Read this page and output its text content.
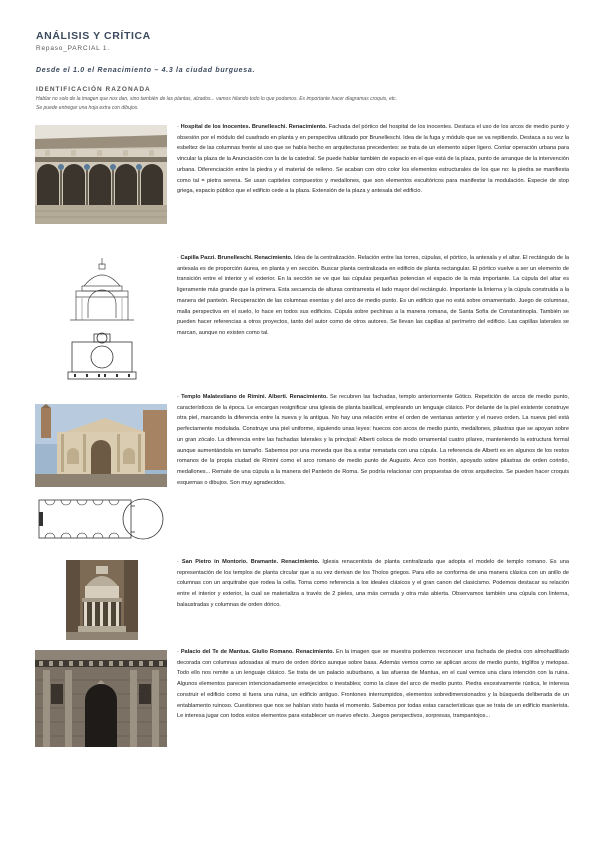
ANÁLISIS Y CRÍTICA
Repaso_PARCIAL 1.
Desde el 1.0 el Renacimiento – 4.3 la ciudad burguesa.
IDENTIFICACIÓN RAZONADA
Hablar no solo de la imagen que nos dan, sino también de las plantas, alzados... vamos hilando todo lo que podamos. Es importante hacer diagramas croquis, etc.
Se puede entregar una hoja extra con dibujos.

· Hospital de los Inocentes. Brunelleschi. Renacimiento. Fachada del pórtico del hospital de los inocentes. Destaca el uso de los arcos de medio punto y obsesión por el módulo del cuadrado en planta y en perspectiva utilizado por Brunelleschi. Idea de la fuga y módulo que se va repitiendo. Destaca a su vez la esbeltez de las columnas frente al uso que se había hecho en arquitecturas precedentes: se trata de un elemento súper ligero. Contar operación urbana para vincular la plaza de la Anunciación con la de la catedral. Se puede hablar también de espacio en el que está de la plaza, punto de arranque de la intervención urbana. Diferenciación entre la piedra y el material de relleno. Se acaban con otro color los elementos estructurales de los que no: la piedra se manifiesta como tal = pietra serena. Se usan capiteles compuestos y medallones, que son elementos escultóricos para manifestar la modulación. Especie de stop griega, espacio público que el edificio cede a la plaza. Extensión de la plaza y antesala del edificio.

· Capilla Pazzi. Brunelleschi. Renacimiento. Idea de la centralización. Relación entre las torres, cúpulas, el pórtico, la antesala y el altar. El rectángulo de la antesala es de proporción áurea, en planta y en sección. Buscar planta centralizada en edificio de planta rectangular. El pórtico vuelve a ser un elemento de transición entre el interior y el exterior. En la sección se ve que las cúpulas pequeñas potencian el espacio de la más importante. La cúpula del altar es ligeramente más grande que la primera. Esta secuencia de alturas contrarresta el lado mayor del rectángulo. Importante la linterna y la cúpula construida a la manera del panteón. Recuperación de las columnas exentas y del arco de medio punto. Es un edificio que no está sobre ornamentado. Juego de columnas, malla perspectiva en el suelo, lo hace en todos sus edificios. Cúpula sobre pechinas a la manera romana, de Santa Sofía de Constantinopla. También se pueden hacer referencias a otros proyectos, tanto del autor como de otros autores. Se llevan las capillas al perímetro del edificio. Las capillas laterales se marcan, aunque no existen como tal.

· Templo Malatestiano de Rímini. Alberti. Renacimiento. Se recubren las fachadas, templo anteriormente Gótico. Repetición de arcos de medio punto, característicos de la época. Le encargan resignificar una iglesia de planta basilical, empleando un lenguaje clásico. Por delante de la piel existente construye otra piel, marcando la diferencia entre la nueva y la antigua. No hay una relación entre el orden de ventanas anterior y el nuevo orden. La nueva piel está perfectamente modulada. Construye una piel uniforme, siguiendo unas leyes: huecos con arcos de medio punto, medallones, pilastras que se apoyan sobre un gran zócalo. La diferencia entre las fachadas laterales y la principal: Alberti coloca de modo ornamental cuatro pilares, manteniendo la estructura formal aunque aumentándola en tamaño. Sabemos por una moneda que iba a estar rematada con una cúpula. La referencia de Alberti es en algunos de los restos romanos de la propia ciudad de Rímini como el arco romano de medio punto de Augusto. Arco con frontón, apoyado sobre pilastras de orden corintio, medallones... Remate de una cúpula a la manera del Panteón de Roma. Se podría relacionar con propuestas de otros arquitectos. Se pueden hacer croquis esquemas o dibujos. Son muy agradecidos.

· San Pietro in Montorio. Bramante. Renacimiento. Iglesia renacentista de planta centralizada que adopta el modelo de templo romano. Es una representación de los templos de planta circular que a su vez derivan de los Tholos griegos. Para ello se conforma de una manera clásica con un anillo de columnas con un arquitrabe que rodea la cella. Toma como referencia a los ideales clásicos y el gran canon del clasicismo. Podemos destacar su relación entre el interior y exterior, la cual se materializa a través de 2 pieles, una más cerrada y otra más abierta. Observamos también una cúpula con linterna, balaustradas y columnas de orden dórico.

· Palacio del Te de Mantua. Giulio Romano. Renacimiento. En la imagen que se muestra podemos reconocer una fachada de piedra con almohadillado decorada con columnas adosadas al muro de orden dórico aunque sobre basa. Además vemos como se aplican arcos de medio punto, triglifos y metopas. Todo ello nos remite a un lenguaje clásico. Se trata de un palacio suburbano, a las afueras de Mantua, en el cual vemos una clara intención con la ruina. Algunos elementos parecen intencionadamente envejecidos o inestables; como la clave del arco de medio punto. Piedra excesivamente rústica, le interesa construir el edificio como si fuera una ruina, un edificio antiguo. Frontones interrumpidos, elementos sobredimensionados y la búsqueda deliberada de un entablamento ruinoso. Cuestiones que nos se habían visto hasta el momento. Sabemos por todas estas características que se trata de un edificio manierista. Le interesa jugar con todos estos elementos para establecer un nuevo efecto. Juegos perspectivos, sorpresas, trampantojos...
